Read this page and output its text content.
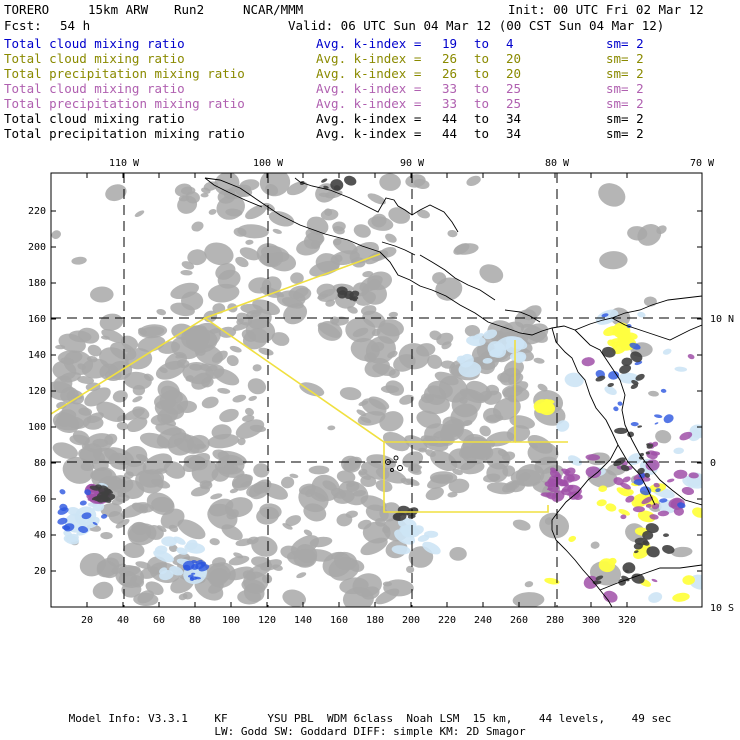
TORERO	15km ARW Run2	NCAR/MMM	Init: 00 UTC Fri 02 Mar 12
Fcst: 54 h	Valid: 06 UTC Sun 04 Mar 12 (00 CST Sun 04 Mar 12)
Total cloud mixing ratio	Avg. k-index = 19 to 4	sm= 2
Total cloud mixing ratio	Avg. k-index = 26 to 20	sm= 2
Total precipitation mixing ratio	Avg. k-index = 26 to 20	sm= 2
Total cloud mixing ratio	Avg. k-index = 33 to 25	sm= 2
Total precipitation mixing ratio	Avg. k-index = 33 to 25	sm= 2
Total cloud mixing ratio	Avg. k-index = 44 to 34	sm= 2
Total precipitation mixing ratio	Avg. k-index = 44 to 34	sm= 2
20 40 60 80 100 120 140 160 180 200 220 240 260 280 300 320
220
200
180
160
140
120
100
80
60
40
20
110 W	100 W	90 W	80 W	70 W
10 N
0
10 S
Model Info: V3.3.1    KF      YSU PBL  WDM 6class  Noah LSM  15 km,    44 levels,    49 sec
LW: Godd SW: Goddard DIFF: simple KM: 2D Smagor
